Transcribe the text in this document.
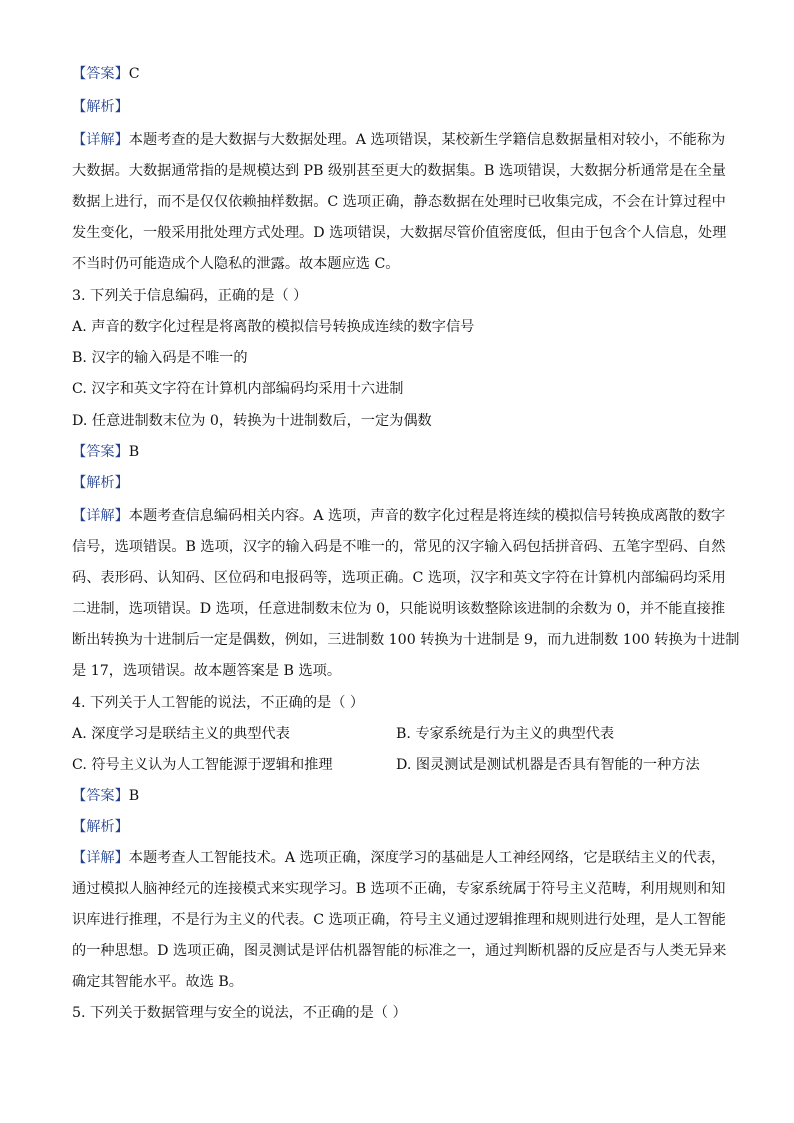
【答案】C
【解析】
【详解】本题考查的是大数据与大数据处理。A 选项错误，某校新生学籍信息数据量相对较小，不能称为
大数据。大数据通常指的是规模达到 PB 级别甚至更大的数据集。B 选项错误，大数据分析通常是在全量
数据上进行，而不是仅仅依赖抽样数据。C 选项正确，静态数据在处理时已收集完成，不会在计算过程中
发生变化，一般采用批处理方式处理。D 选项错误，大数据尽管价值密度低，但由于包含个人信息，处理
不当时仍可能造成个人隐私的泄露。故本题应选 C。
3. 下列关于信息编码，正确的是（ ）
A. 声音的数字化过程是将离散的模拟信号转换成连续的数字信号
B. 汉字的输入码是不唯一的
C. 汉字和英文字符在计算机内部编码均采用十六进制
D. 任意进制数末位为 0，转换为十进制数后，一定为偶数
【答案】B
【解析】
【详解】本题考查信息编码相关内容。A 选项，声音的数字化过程是将连续的模拟信号转换成离散的数字
信号，选项错误。B 选项，汉字的输入码是不唯一的，常见的汉字输入码包括拼音码、五笔字型码、自然
码、表形码、认知码、区位码和电报码等，选项正确。C 选项，汉字和英文字符在计算机内部编码均采用
二进制，选项错误。D 选项，任意进制数末位为 0，只能说明该数整除该进制的余数为 0，并不能直接推
断出转换为十进制后一定是偶数，例如，三进制数 100 转换为十进制是 9，而九进制数 100 转换为十进制
是 17，选项错误。故本题答案是 B 选项。
4. 下列关于人工智能的说法，不正确的是（ ）
A. 深度学习是联结主义的典型代表	B. 专家系统是行为主义的典型代表
C. 符号主义认为人工智能源于逻辑和推理	D. 图灵测试是测试机器是否具有智能的一种方法
【答案】B
【解析】
【详解】本题考查人工智能技术。A 选项正确，深度学习的基础是人工神经网络，它是联结主义的代表，
通过模拟人脑神经元的连接模式来实现学习。B 选项不正确，专家系统属于符号主义范畴，利用规则和知
识库进行推理，不是行为主义的代表。C 选项正确，符号主义通过逻辑推理和规则进行处理，是人工智能
的一种思想。D 选项正确，图灵测试是评估机器智能的标准之一，通过判断机器的反应是否与人类无异来
确定其智能水平。故选 B。
5. 下列关于数据管理与安全的说法，不正确的是（ ）
